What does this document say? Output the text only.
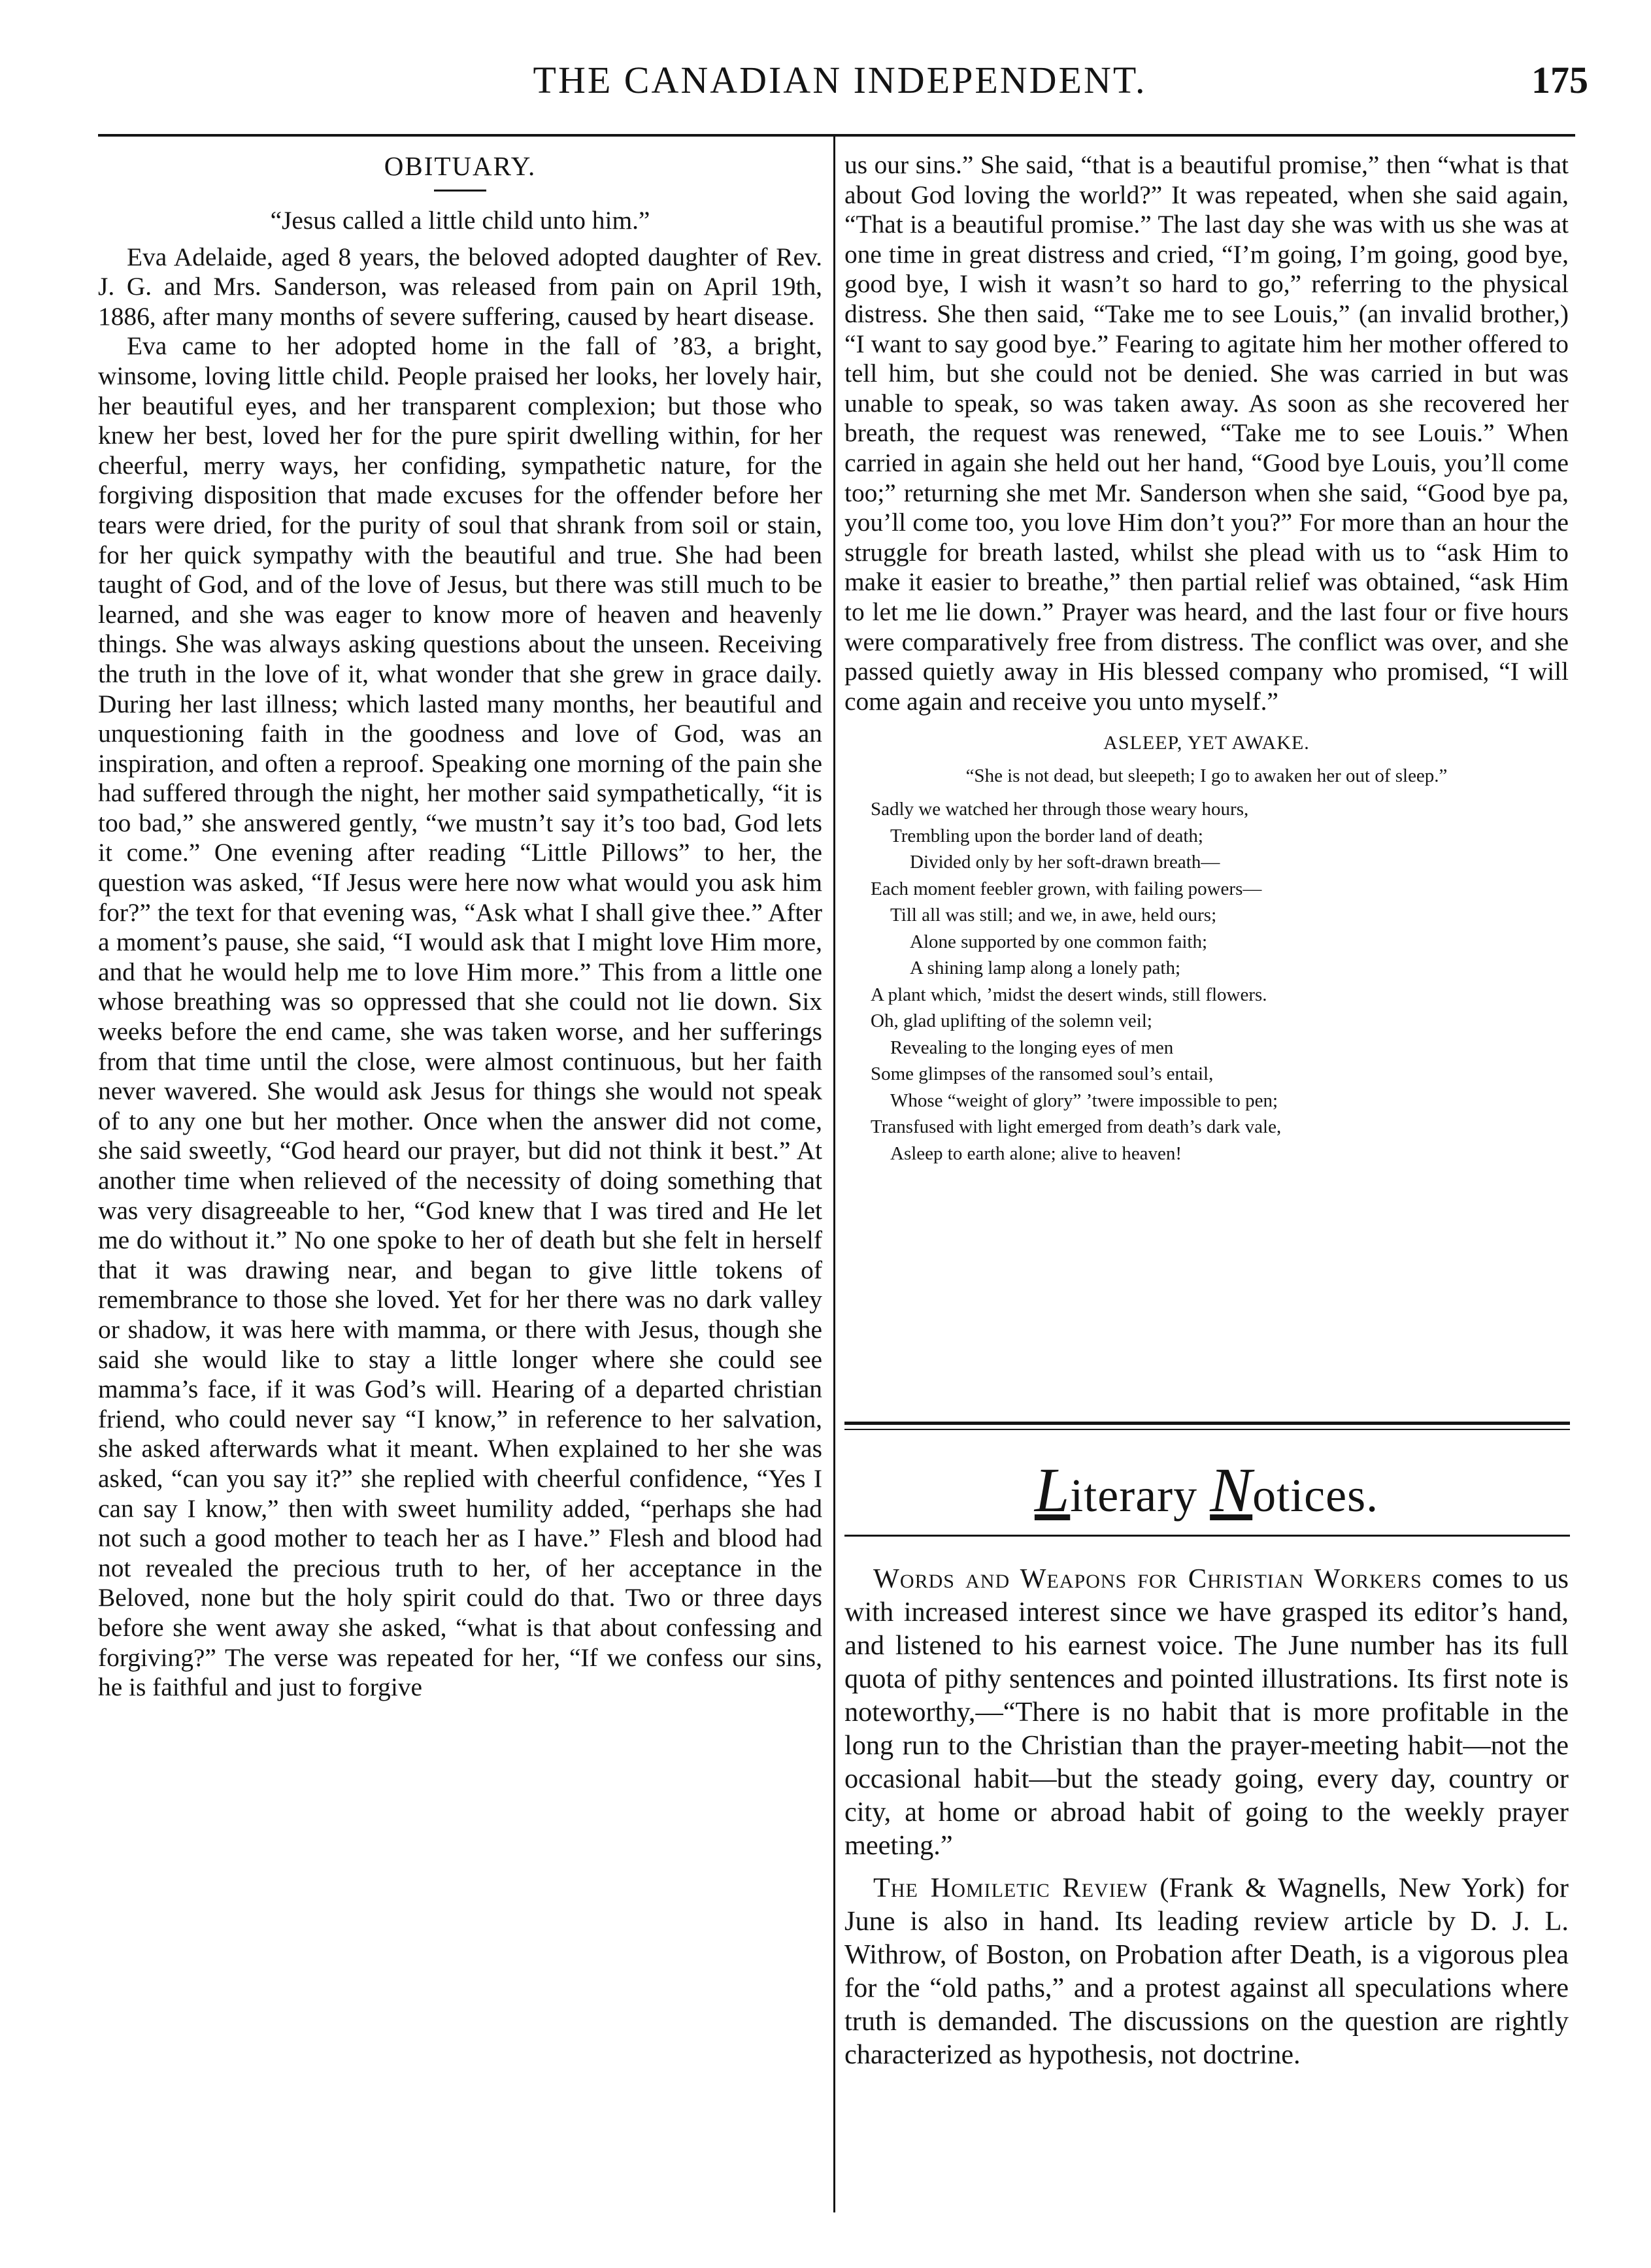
THE CANADIAN INDEPENDENT.	175
OBITUARY.
“Jesus called a little child unto him.”

Eva Adelaide, aged 8 years, the beloved adopted daughter of Rev. J. G. and Mrs. Sanderson, was released from pain on April 19th, 1886, after many months of severe suffering, caused by heart disease.

Eva came to her adopted home in the fall of ’83, a bright, winsome, loving little child. People praised her looks, her lovely hair, her beautiful eyes, and her transparent complexion; but those who knew her best, loved her for the pure spirit dwelling within, for her cheerful, merry ways, her confiding, sympathetic nature, for the forgiving disposition that made excuses for the offender before her tears were dried, for the purity of soul that shrank from soil or stain, for her quick sympathy with the beautiful and true. She had been taught of God, and of the love of Jesus, but there was still much to be learned, and she was eager to know more of heaven and heavenly things. She was always asking questions about the unseen. Receiving the truth in the love of it, what wonder that she grew in grace daily. During her last illness; which lasted many months, her beautiful and unquestioning faith in the goodness and love of God, was an inspiration, and often a reproof. Speaking one morning of the pain she had suffered through the night, her mother said sympathetically, “it is too bad,” she answered gently, “we mustn’t say it’s too bad, God lets it come.” One evening after reading “Little Pillows” to her, the question was asked, “If Jesus were here now what would you ask him for?” the text for that evening was, “Ask what I shall give thee.” After a moment’s pause, she said, “I would ask that I might love Him more, and that he would help me to love Him more.” This from a little one whose breathing was so oppressed that she could not lie down. Six weeks before the end came, she was taken worse, and her sufferings from that time until the close, were almost continuous, but her faith never wavered. She would ask Jesus for things she would not speak of to any one but her mother. Once when the answer did not come, she said sweetly, “God heard our prayer, but did not think it best.” At another time when relieved of the necessity of doing something that was very disagreeable to her, “God knew that I was tired and He let me do without it.” No one spoke to her of death but she felt in herself that it was drawing near, and began to give little tokens of remembrance to those she loved. Yet for her there was no dark valley or shadow, it was here with mamma, or there with Jesus, though she said she would like to stay a little longer where she could see mamma’s face, if it was God’s will. Hearing of a departed christian friend, who could never say “I know,” in reference to her salvation, she asked afterwards what it meant. When explained to her she was asked, “can you say it?” she replied with cheerful confidence, “Yes I can say I know,” then with sweet humility added, “perhaps she had not such a good mother to teach her as I have.” Flesh and blood had not revealed the precious truth to her, of her acceptance in the Beloved, none but the holy spirit could do that. Two or three days before she went away she asked, “what is that about confessing and forgiving?” The verse was repeated for her, “If we confess our sins, he is faithful and just to forgive

us our sins.” She said, “that is a beautiful promise,” then “what is that about God loving the world?” It was repeated, when she said again, “That is a beautiful promise.” The last day she was with us she was at one time in great distress and cried, “I’m going, I’m going, good bye, good bye, I wish it wasn’t so hard to go,” referring to the physical distress. She then said, “Take me to see Louis,” (an invalid brother,) “I want to say good bye.” Fearing to agitate him her mother offered to tell him, but she could not be denied. She was carried in but was unable to speak, so was taken away. As soon as she recovered her breath, the request was renewed, “Take me to see Louis.” When carried in again she held out her hand, “Good bye Louis, you’ll come too;” returning she met Mr. Sanderson when she said, “Good bye pa, you’ll come too, you love Him don’t you?” For more than an hour the struggle for breath lasted, whilst she plead with us to “ask Him to make it easier to breathe,” then partial relief was obtained, “ask Him to let me lie down.” Prayer was heard, and the last four or five hours were comparatively free from distress. The conflict was over, and she passed quietly away in His blessed company who promised, “I will come again and receive you unto myself.”

ASLEEP, YET AWAKE.
“She is not dead, but sleepeth; I go to awaken her out of sleep.”
Sadly we watched her through those weary hours,
Trembling upon the border land of death;
Divided only by her soft-drawn breath—
Each moment feebler grown, with failing powers—
Till all was still; and we, in awe, held ours;
Alone supported by one common faith;
A shining lamp along a lonely path;
A plant which, ’midst the desert winds, still flowers.
Oh, glad uplifting of the solemn veil;
Revealing to the longing eyes of men
Some glimpses of the ransomed soul’s entail,
Whose “weight of glory” ’twere impossible to pen;
Transfused with light emerged from death’s dark vale,
Asleep to earth alone; alive to heaven!
Literary Notices.

Words and Weapons for Christian Workers comes to us with increased interest since we have grasped its editor’s hand, and listened to his earnest voice. The June number has its full quota of pithy sentences and pointed illustrations. Its first note is noteworthy,—“There is no habit that is more profitable in the long run to the Christian than the prayer-meeting habit—not the occasional habit—but the steady going, every day, country or city, at home or abroad habit of going to the weekly prayer meeting.”

The Homiletic Review (Frank & Wagnells, New York) for June is also in hand. Its leading review article by D. J. L. Withrow, of Boston, on Probation after Death, is a vigorous plea for the “old paths,” and a protest against all speculations where truth is demanded. The discussions on the question are rightly characterized as hypothesis, not doctrine.
